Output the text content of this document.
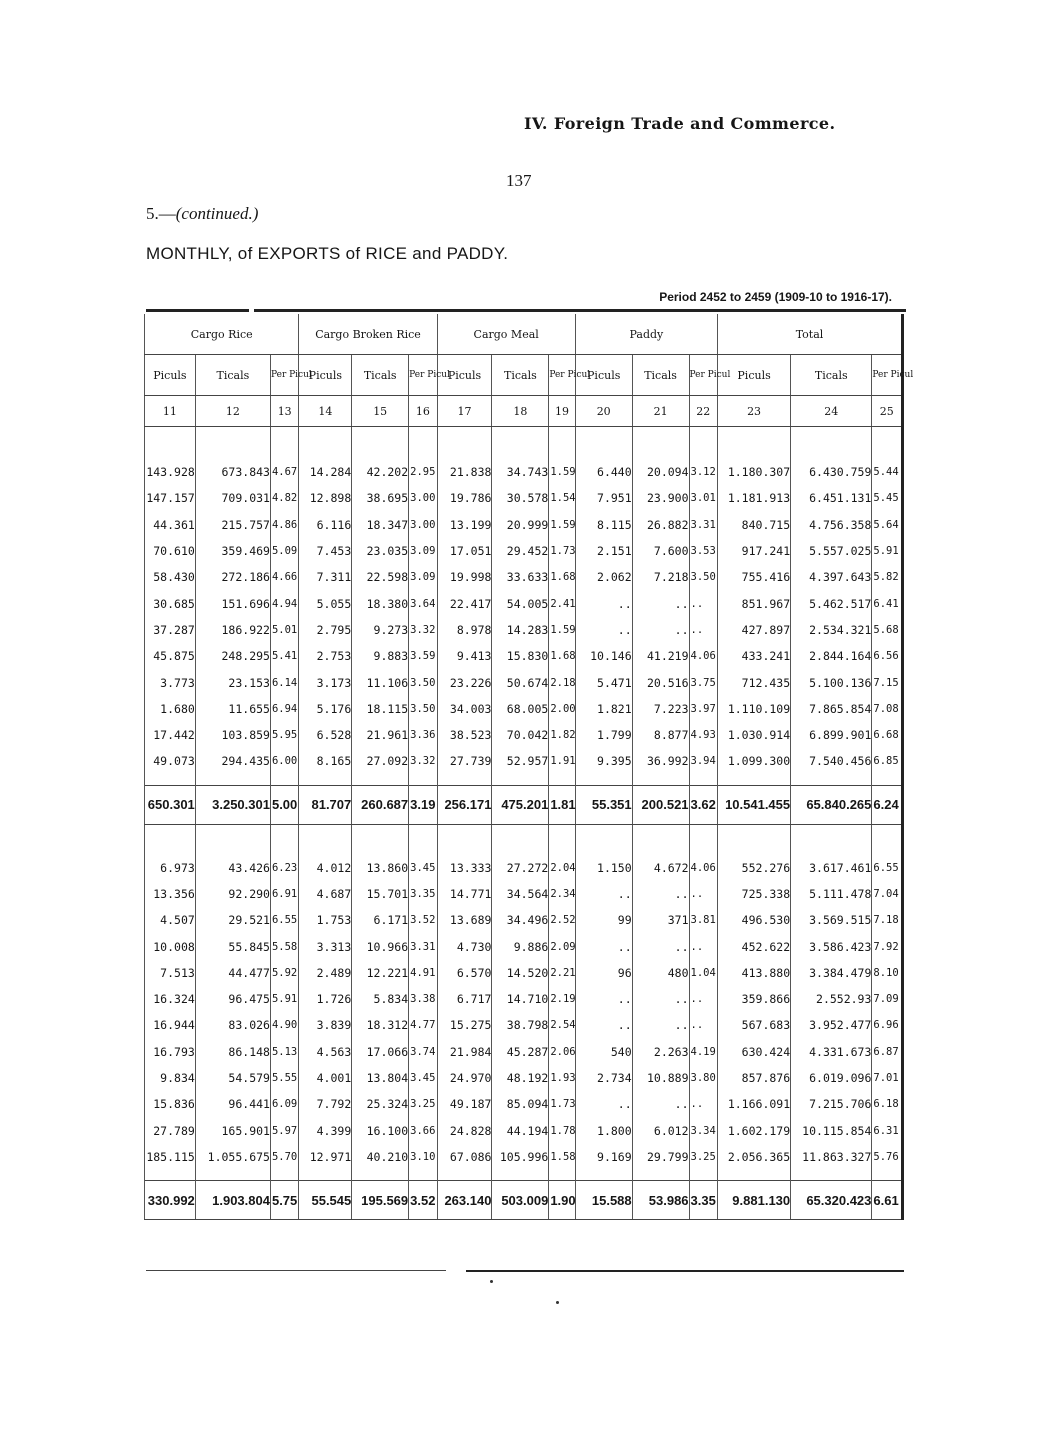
IV. Foreign Trade and Commerce.
137
5.—(continued.)
MONTHLY, of EXPORTS of RICE and PADDY.
Period 2452 to 2459 (1909-10 to 1916-17).
Cargo Rice			Cargo Broken Rice			Cargo Meal			Paddy			Total		
Piculs	Ticals	Per Picul	Piculs	Ticals	Per Picul	Piculs	Ticals	Per Picul	Piculs	Ticals	Per Picul	Piculs	Ticals	Per Picul
11	12	13	14	15	16	17	18	19	20	21	22	23	24	25

143.928	673.843	4.67	14.284	42.202	2.95	21.838	34.743	1.59	6.440	20.094	3.12	1.180.307	6.430.759	5.44
147.157	709.031	4.82	12.898	38.695	3.00	19.786	30.578	1.54	7.951	23.900	3.01	1.181.913	6.451.131	5.45
44.361	215.757	4.86	6.116	18.347	3.00	13.199	20.999	1.59	8.115	26.882	3.31	840.715	4.756.358	5.64
70.610	359.469	5.09	7.453	23.035	3.09	17.051	29.452	1.73	2.151	7.600	3.53	917.241	5.557.025	5.91
58.430	272.186	4.66	7.311	22.598	3.09	19.998	33.633	1.68	2.062	7.218	3.50	755.416	4.397.643	5.82
30.685	151.696	4.94	5.055	18.380	3.64	22.417	54.005	2.41	..	..	..	851.967	5.462.517	6.41
37.287	186.922	5.01	2.795	9.273	3.32	8.978	14.283	1.59	..	..	..	427.897	2.534.321	5.68
45.875	248.295	5.41	2.753	9.883	3.59	9.413	15.830	1.68	10.146	41.219	4.06	433.241	2.844.164	6.56
3.773	23.153	6.14	3.173	11.106	3.50	23.226	50.674	2.18	5.471	20.516	3.75	712.435	5.100.136	7.15
1.680	11.655	6.94	5.176	18.115	3.50	34.003	68.005	2.00	1.821	7.223	3.97	1.110.109	7.865.854	7.08
17.442	103.859	5.95	6.528	21.961	3.36	38.523	70.042	1.82	1.799	8.877	4.93	1.030.914	6.899.901	6.68
49.073	294.435	6.00	8.165	27.092	3.32	27.739	52.957	1.91	9.395	36.992	3.94	1.099.300	7.540.456	6.85

650.301	3.250.301	5.00	81.707	260.687	3.19	256.171	475.201	1.81	55.351	200.521	3.62	10.541.455	65.840.265	6.24

6.973	43.426	6.23	4.012	13.860	3.45	13.333	27.272	2.04	1.150	4.672	4.06	552.276	3.617.461	6.55
13.356	92.290	6.91	4.687	15.701	3.35	14.771	34.564	2.34	..	..	..	725.338	5.111.478	7.04
4.507	29.521	6.55	1.753	6.171	3.52	13.689	34.496	2.52	99	371	3.81	496.530	3.569.515	7.18
10.008	55.845	5.58	3.313	10.966	3.31	4.730	9.886	2.09	..	..	..	452.622	3.586.423	7.92
7.513	44.477	5.92	2.489	12.221	4.91	6.570	14.520	2.21	96	480	1.04	413.880	3.384.479	8.10
16.324	96.475	5.91	1.726	5.834	3.38	6.717	14.710	2.19	..	..	..	359.866	2.552.93	7.09
16.944	83.026	4.90	3.839	18.312	4.77	15.275	38.798	2.54	..	..	..	567.683	3.952.477	6.96
16.793	86.148	5.13	4.563	17.066	3.74	21.984	45.287	2.06	540	2.263	4.19	630.424	4.331.673	6.87
9.834	54.579	5.55	4.001	13.804	3.45	24.970	48.192	1.93	2.734	10.889	3.80	857.876	6.019.096	7.01
15.836	96.441	6.09	7.792	25.324	3.25	49.187	85.094	1.73	..	..	..	1.166.091	7.215.706	6.18
27.789	165.901	5.97	4.399	16.100	3.66	24.828	44.194	1.78	1.800	6.012	3.34	1.602.179	10.115.854	6.31
185.115	1.055.675	5.70	12.971	40.210	3.10	67.086	105.996	1.58	9.169	29.799	3.25	2.056.365	11.863.327	5.76

330.992	1.903.804	5.75	55.545	195.569	3.52	263.140	503.009	1.90	15.588	53.986	3.35	9.881.130	65.320.423	6.61
